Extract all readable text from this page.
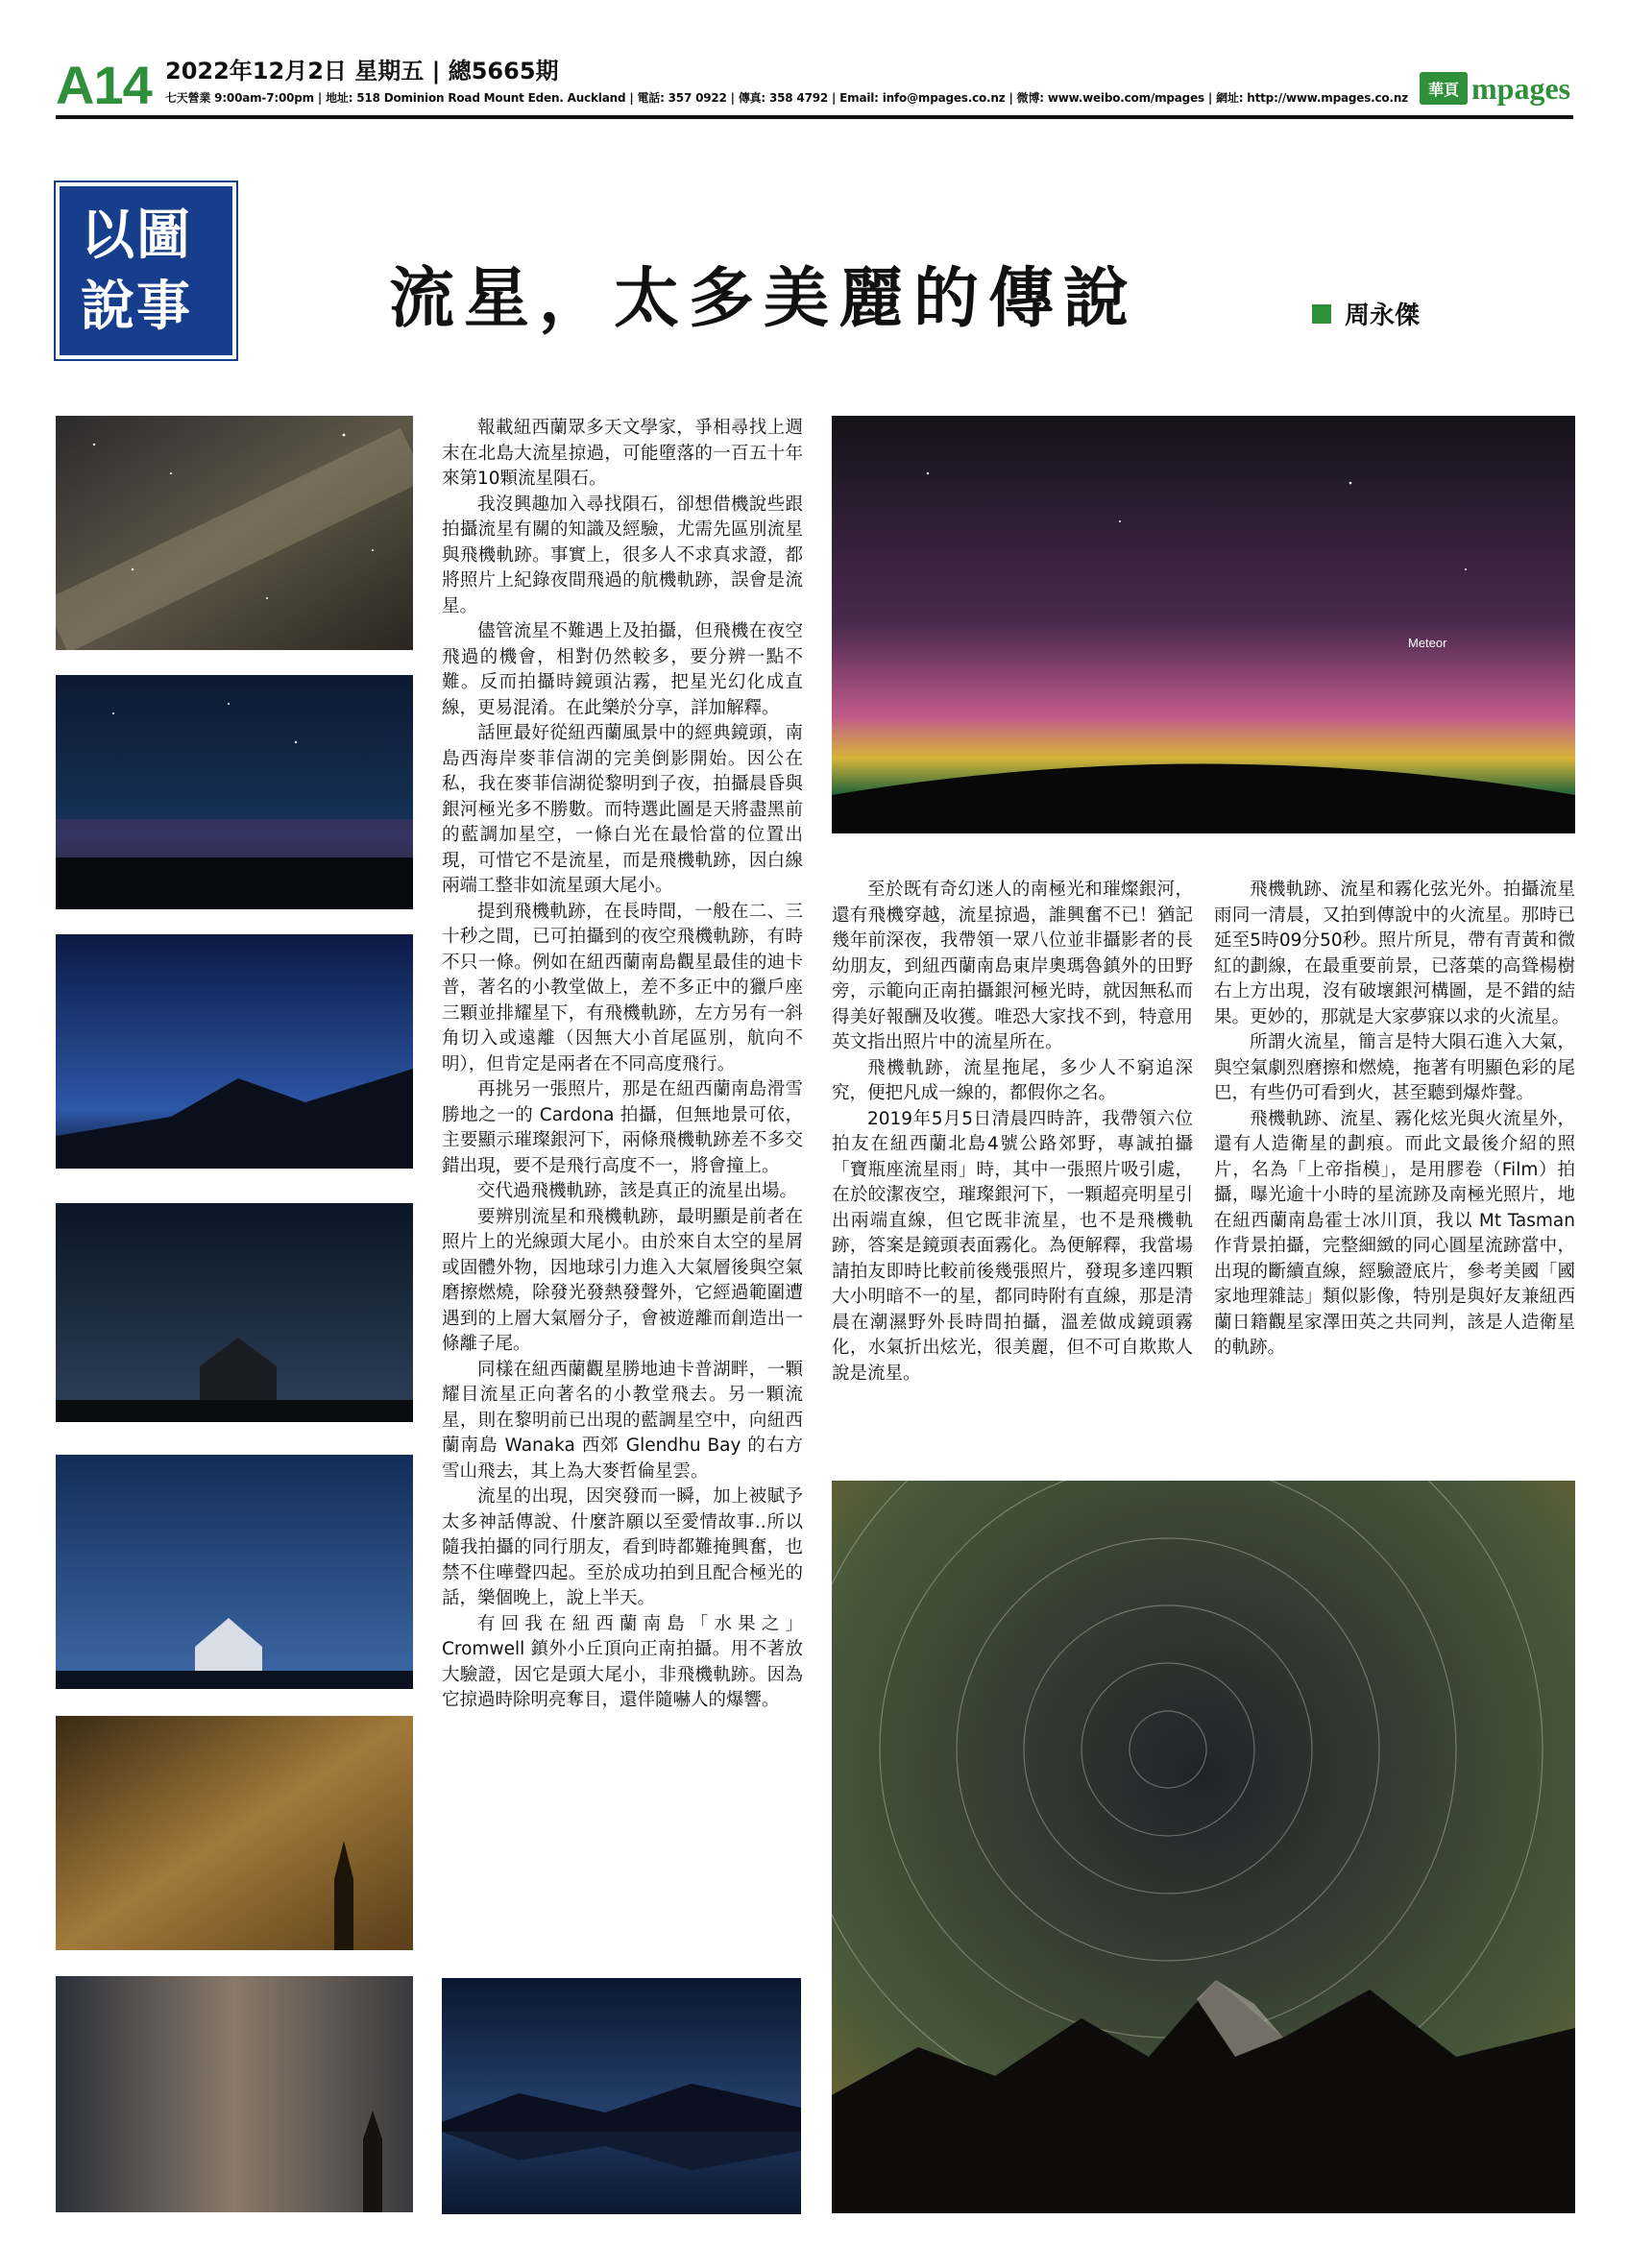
A14 2022年12月2日 星期五 | 總5665期
七天營業 9:00am-7:00pm | 地址: 518 Dominion Road Mount Eden. Auckland | 電話: 357 0922 | 傳真: 358 4792 | Email: info@mpages.co.nz | 微博: www.weibo.com/mpages | 網址: http://www.mpages.co.nz	華頁 mpages
以圖
說事	流星，太多美麗的傳說	周永傑
Meteor

報載紐西蘭眾多天文學家，爭相尋找上週末在北島大流星掠過，可能墮落的一百五十年來第10顆流星隕石。

我沒興趣加入尋找隕石，卻想借機說些跟拍攝流星有關的知識及經驗，尤需先區別流星與飛機軌跡。事實上，很多人不求真求證，都將照片上紀錄夜間飛過的航機軌跡，誤會是流星。

儘管流星不難遇上及拍攝，但飛機在夜空飛過的機會，相對仍然較多，要分辨一點不難。反而拍攝時鏡頭沾霧，把星光幻化成直線，更易混淆。在此樂於分享，詳加解釋。

話匣最好從紐西蘭風景中的經典鏡頭，南島西海岸麥菲信湖的完美倒影開始。因公在私，我在麥菲信湖從黎明到子夜，拍攝晨昏與銀河極光多不勝數。而特選此圖是天將盡黑前的藍調加星空，一條白光在最恰當的位置出現，可惜它不是流星，而是飛機軌跡，因白線兩端工整非如流星頭大尾小。

提到飛機軌跡，在長時間，一般在二、三十秒之間，已可拍攝到的夜空飛機軌跡，有時不只一條。例如在紐西蘭南島觀星最佳的迪卡普，著名的小教堂做上，差不多正中的獵戶座三顆並排耀星下，有飛機軌跡，左方另有一斜角切入或遠離（因無大小首尾區別，航向不明），但肯定是兩者在不同高度飛行。

再挑另一張照片，那是在紐西蘭南島滑雪勝地之一的 Cardona 拍攝，但無地景可依，主要顯示璀璨銀河下，兩條飛機軌跡差不多交錯出現，要不是飛行高度不一，將會撞上。

交代過飛機軌跡，該是真正的流星出場。

要辨別流星和飛機軌跡，最明顯是前者在照片上的光線頭大尾小。由於來自太空的星屑或固體外物，因地球引力進入大氣層後與空氣磨擦燃燒，除發光發熱發聲外，它經過範圍遭遇到的上層大氣層分子，會被遊離而創造出一條離子尾。

同樣在紐西蘭觀星勝地迪卡普湖畔，一顆耀目流星正向著名的小教堂飛去。另一顆流星，則在黎明前已出現的藍調星空中，向紐西蘭南島 Wanaka 西郊 Glendhu Bay 的右方雪山飛去，其上為大麥哲倫星雲。

流星的出現，因突發而一瞬，加上被賦予太多神話傳說、什麼許願以至愛情故事..所以隨我拍攝的同行朋友，看到時都難掩興奮，也禁不住嘩聲四起。至於成功拍到且配合極光的話，樂個晚上，說上半天。

有回我在紐西蘭南島「水果之」Cromwell 鎮外小丘頂向正南拍攝。用不著放大驗證，因它是頭大尾小，非飛機軌跡。因為它掠過時除明亮奪目，還伴隨嚇人的爆響。

至於既有奇幻迷人的南極光和璀燦銀河，還有飛機穿越，流星掠過，誰興奮不已！猶記幾年前深夜，我帶領一眾八位並非攝影者的長幼朋友，到紐西蘭南島東岸奧瑪魯鎮外的田野旁，示範向正南拍攝銀河極光時，就因無私而得美好報酬及收獲。唯恐大家找不到，特意用英文指出照片中的流星所在。

飛機軌跡，流星拖尾，多少人不窮追深究，便把凡成一線的，都假你之名。

2019年5月5日清晨四時許，我帶領六位拍友在紐西蘭北島4號公路郊野，專誠拍攝「寶瓶座流星雨」時，其中一張照片吸引處，在於皎潔夜空，璀璨銀河下，一顆超亮明星引出兩端直線，但它既非流星，也不是飛機軌跡，答案是鏡頭表面霧化。為便解釋，我當場請拍友即時比較前後幾張照片，發現多達四顆大小明暗不一的星，都同時附有直線，那是清晨在潮濕野外長時間拍攝，溫差做成鏡頭霧化，水氣折出炫光，很美麗，但不可自欺欺人說是流星。

飛機軌跡、流星和霧化弦光外。拍攝流星雨同一清晨，又拍到傳說中的火流星。那時已延至5時09分50秒。照片所見，帶有青黃和微紅的劃線，在最重要前景，已落葉的高聳楊樹右上方出現，沒有破壞銀河構圖，是不錯的結果。更妙的，那就是大家夢寐以求的火流星。

所謂火流星，簡言是特大隕石進入大氣，與空氣劇烈磨擦和燃燒，拖著有明顯色彩的尾巴，有些仍可看到火，甚至聽到爆炸聲。

飛機軌跡、流星、霧化炫光與火流星外，還有人造衛星的劃痕。而此文最後介紹的照片，名為「上帝指模」，是用膠卷（Film）拍攝，曝光逾十小時的星流跡及南極光照片，地在紐西蘭南島霍士冰川頂，我以 Mt Tasman 作背景拍攝，完整細緻的同心圓星流跡當中，出現的斷續直線，經驗證底片，參考美國「國家地理雜誌」類似影像，特別是與好友兼紐西蘭日籍觀星家澤田英之共同判，該是人造衛星的軌跡。
